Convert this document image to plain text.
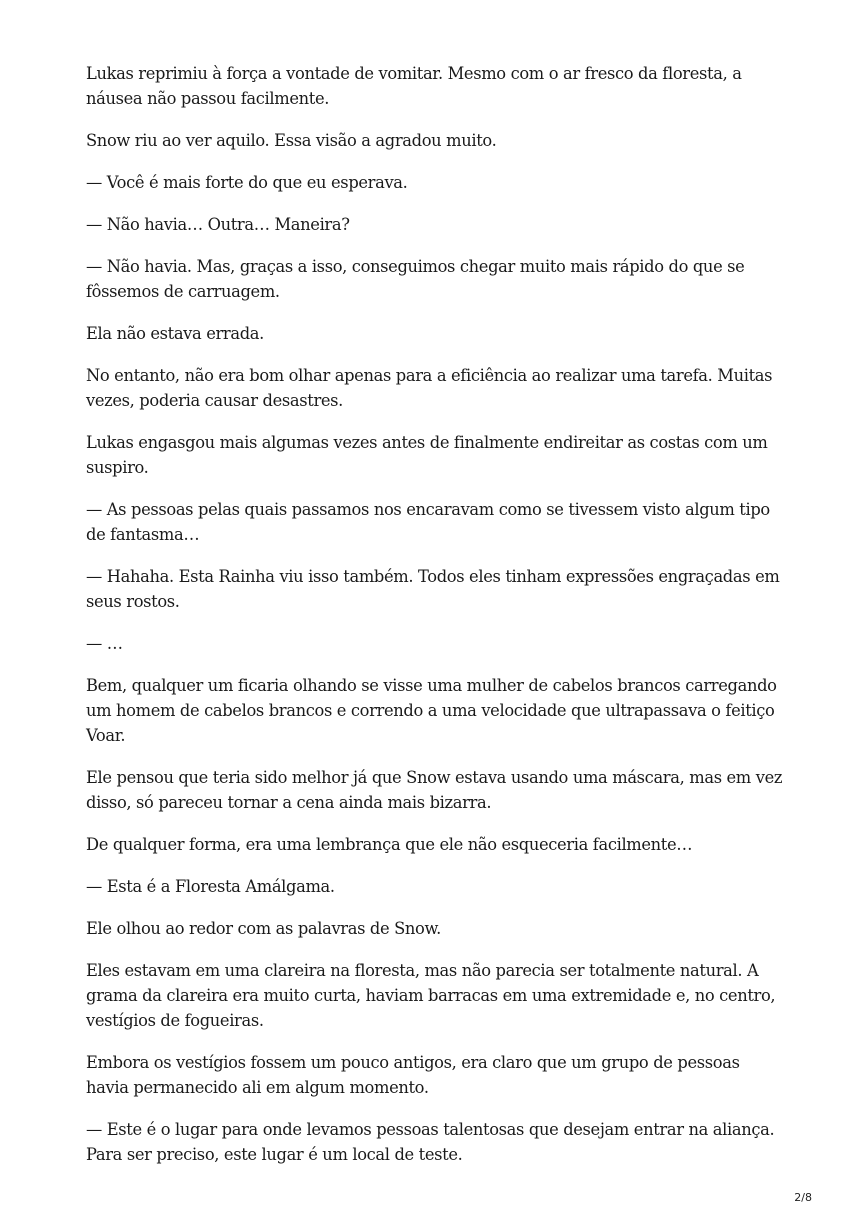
Lukas reprimiu à força a vontade de vomitar. Mesmo com o ar fresco da floresta, a náusea não passou facilmente.

Snow riu ao ver aquilo. Essa visão a agradou muito.

— Você é mais forte do que eu esperava.

— Não havia… Outra… Maneira?

— Não havia. Mas, graças a isso, conseguimos chegar muito mais rápido do que se fôssemos de carruagem.

Ela não estava errada.

No entanto, não era bom olhar apenas para a eficiência ao realizar uma tarefa. Muitas vezes, poderia causar desastres.

Lukas engasgou mais algumas vezes antes de finalmente endireitar as costas com um suspiro.

— As pessoas pelas quais passamos nos encaravam como se tivessem visto algum tipo de fantasma…

— Hahaha. Esta Rainha viu isso também. Todos eles tinham expressões engraçadas em seus rostos.

— …

Bem, qualquer um ficaria olhando se visse uma mulher de cabelos brancos carregando um homem de cabelos brancos e correndo a uma velocidade que ultrapassava o feitiço Voar.

Ele pensou que teria sido melhor já que Snow estava usando uma máscara, mas em vez disso, só pareceu tornar a cena ainda mais bizarra.

De qualquer forma, era uma lembrança que ele não esqueceria facilmente…

— Esta é a Floresta Amálgama.

Ele olhou ao redor com as palavras de Snow.

Eles estavam em uma clareira na floresta, mas não parecia ser totalmente natural. A grama da clareira era muito curta, haviam barracas em uma extremidade e, no centro, vestígios de fogueiras.

Embora os vestígios fossem um pouco antigos, era claro que um grupo de pessoas havia permanecido ali em algum momento.

— Este é o lugar para onde levamos pessoas talentosas que desejam entrar na aliança. Para ser preciso, este lugar é um local de teste.

2/8
